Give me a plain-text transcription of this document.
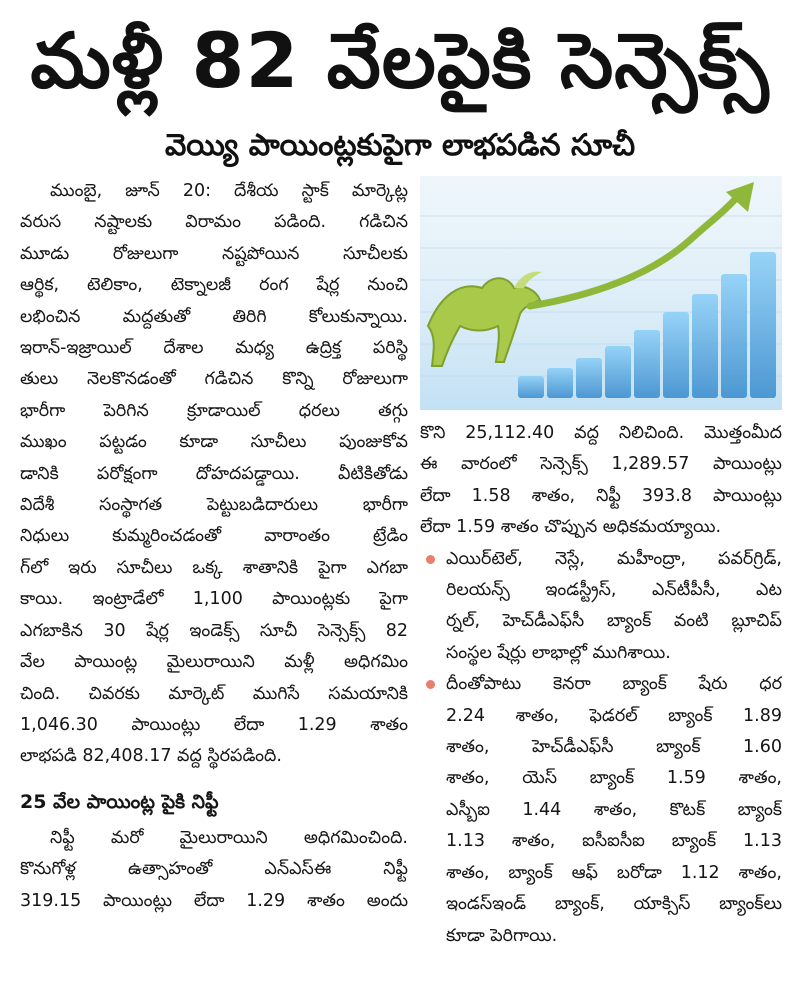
మళ్లీ 82 వేలపైకి సెన్సెక్స్
వెయ్యి పాయింట్లకుపైగా లాభపడిన సూచీ
ముంబై, జూన్ 20: దేశీయ స్టాక్ మార్కెట్ల
వరుస నష్టాలకు విరామం పడింది. గడిచిన
మూడు రోజులుగా నష్టపోయిన సూచీలకు
ఆర్థిక, టెలికాం, టెక్నాలజీ రంగ షేర్ల నుంచి
లభించిన మద్దతుతో తిరిగి కోలుకున్నాయి.
ఇరాన్-ఇజ్రాయిల్ దేశాల మధ్య ఉద్రిక్త పరిస్థి
తులు నెలకొనడంతో గడిచిన కొన్ని రోజులుగా
భారీగా పెరిగిన క్రూడాయిల్ ధరలు తగ్గు
ముఖం పట్టడం కూడా సూచీలు పుంజుకోవ
డానికి పరోక్షంగా దోహదపడ్డాయి. వీటికితోడు
విదేశీ సంస్థాగత పెట్టుబడిదారులు భారీగా
నిధులు కుమ్మరించడంతో వారాంతం ట్రేడిం
గ్‌లో ఇరు సూచీలు ఒక్క శాతానికి పైగా ఎగబా
కాయి. ఇంట్రాడేలో 1,100 పాయింట్లకు పైగా
ఎగబాకిన 30 షేర్ల ఇండెక్స్ సూచీ సెన్సెక్స్ 82
వేల పాయింట్ల మైలురాయిని మళ్లీ అధిగమిం
చింది. చివరకు మార్కెట్ ముగిసే సమయానికి
1,046.30 పాయింట్లు లేదా 1.29 శాతం
లాభపడి 82,408.17 వద్ద స్థిరపడింది.
25 వేల పాయింట్ల పైకి నిఫ్టీ
నిఫ్టీ మరో మైలురాయిని అధిగమించింది.
కొనుగోళ్ల ఉత్సాహంతో ఎన్‌ఎస్‌ఈ నిఫ్టీ
319.15 పాయింట్లు లేదా 1.29 శాతం అందు
కొని 25,112.40 వద్ద నిలిచింది. మొత్తంమీద
ఈ వారంలో సెన్సెక్స్ 1,289.57 పాయింట్లు
లేదా 1.58 శాతం, నిఫ్టీ 393.8 పాయింట్లు
లేదా 1.59 శాతం చొప్పున అధికమయ్యాయి.
ఎయిర్‌టెల్, నెస్లే, మహీంద్రా, పవర్‌గ్రిడ్,
రిలయన్స్ ఇండస్ట్రీస్, ఎన్‌టీపీసీ, ఎట
ర్నల్, హెచ్‌డీఎఫ్‌సీ బ్యాంక్ వంటి బ్లూచిప్
సంస్థల షేర్లు లాభాల్లో ముగిశాయి.
దీంతోపాటు కెనరా బ్యాంక్ షేరు ధర
2.24 శాతం, ఫెడరల్ బ్యాంక్ 1.89
శాతం, హెచ్‌డీఎఫ్‌సీ బ్యాంక్ 1.60
శాతం, యెస్ బ్యాంక్ 1.59 శాతం,
ఎస్బీఐ 1.44 శాతం, కొటక్ బ్యాంక్
1.13 శాతం, ఐసీఐసీఐ బ్యాంక్ 1.13
శాతం, బ్యాంక్ ఆఫ్ బరోడా 1.12 శాతం,
ఇండస్‌ఇండ్ బ్యాంక్, యాక్సిస్ బ్యాంక్‌లు
కూడా పెరిగాయి.
